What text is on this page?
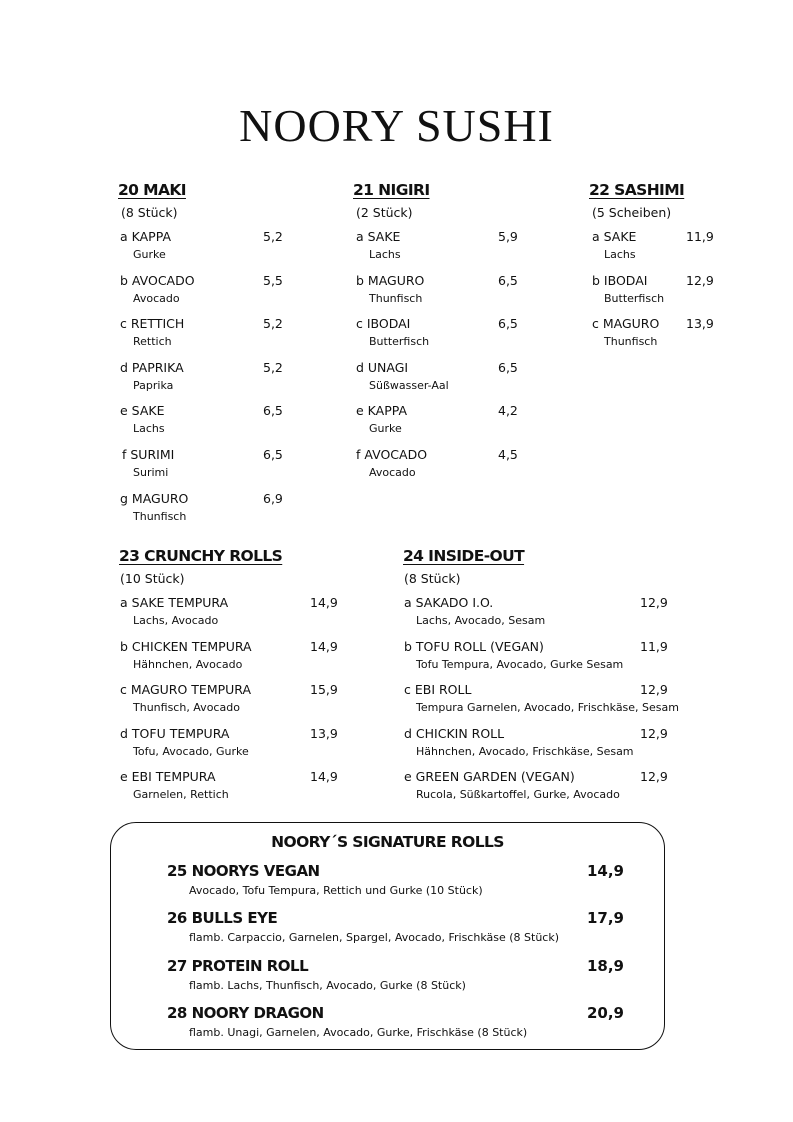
NOORY SUSHI
20 MAKI
(8 Stück)
a KAPPA	5,2
Gurke
b AVOCADO	5,5
Avocado
c RETTICH	5,2
Rettich
d PAPRIKA	5,2
Paprika
e SAKE	6,5
Lachs
f SURIMI	6,5
Surimi
g MAGURO	6,9
Thunfisch
21 NIGIRI
(2 Stück)
a SAKE	5,9
Lachs
b MAGURO	6,5
Thunfisch
c IBODAI	6,5
Butterfisch
d UNAGI	6,5
Süßwasser-Aal
e KAPPA	4,2
Gurke
f AVOCADO	4,5
Avocado
22 SASHIMI
(5 Scheiben)
a SAKE	11,9
Lachs
b IBODAI	12,9
Butterfisch
c MAGURO 13,9
Thunfisch
23 CRUNCHY ROLLS
(10 Stück)
a SAKE TEMPURA	14,9
Lachs, Avocado
b CHICKEN TEMPURA	14,9
Hähnchen, Avocado
c MAGURO TEMPURA	15,9
Thunfisch, Avocado
d TOFU TEMPURA	13,9
Tofu, Avocado, Gurke
e EBI TEMPURA	14,9
Garnelen, Rettich
24 INSIDE-OUT
(8 Stück)
a SAKADO I.O.	12,9
Lachs, Avocado, Sesam
b TOFU ROLL (VEGAN)	11,9
Tofu Tempura, Avocado, Gurke Sesam
c EBI ROLL	12,9
Tempura Garnelen, Avocado, Frischkäse, Sesam
d CHICKIN ROLL	12,9
Hähnchen, Avocado, Frischkäse, Sesam
e GREEN GARDEN (VEGAN)	12,9
Rucola, Süßkartoffel, Gurke, Avocado
NOORY´S SIGNATURE ROLLS
25 NOORYS VEGAN	14,9
Avocado, Tofu Tempura, Rettich und Gurke (10 Stück)
26 BULLS EYE	17,9
flamb. Carpaccio, Garnelen, Spargel, Avocado, Frischkäse (8 Stück)
27 PROTEIN ROLL	18,9
flamb. Lachs, Thunfisch, Avocado, Gurke (8 Stück)
28 NOORY DRAGON	20,9
flamb. Unagi, Garnelen, Avocado, Gurke, Frischkäse (8 Stück)
